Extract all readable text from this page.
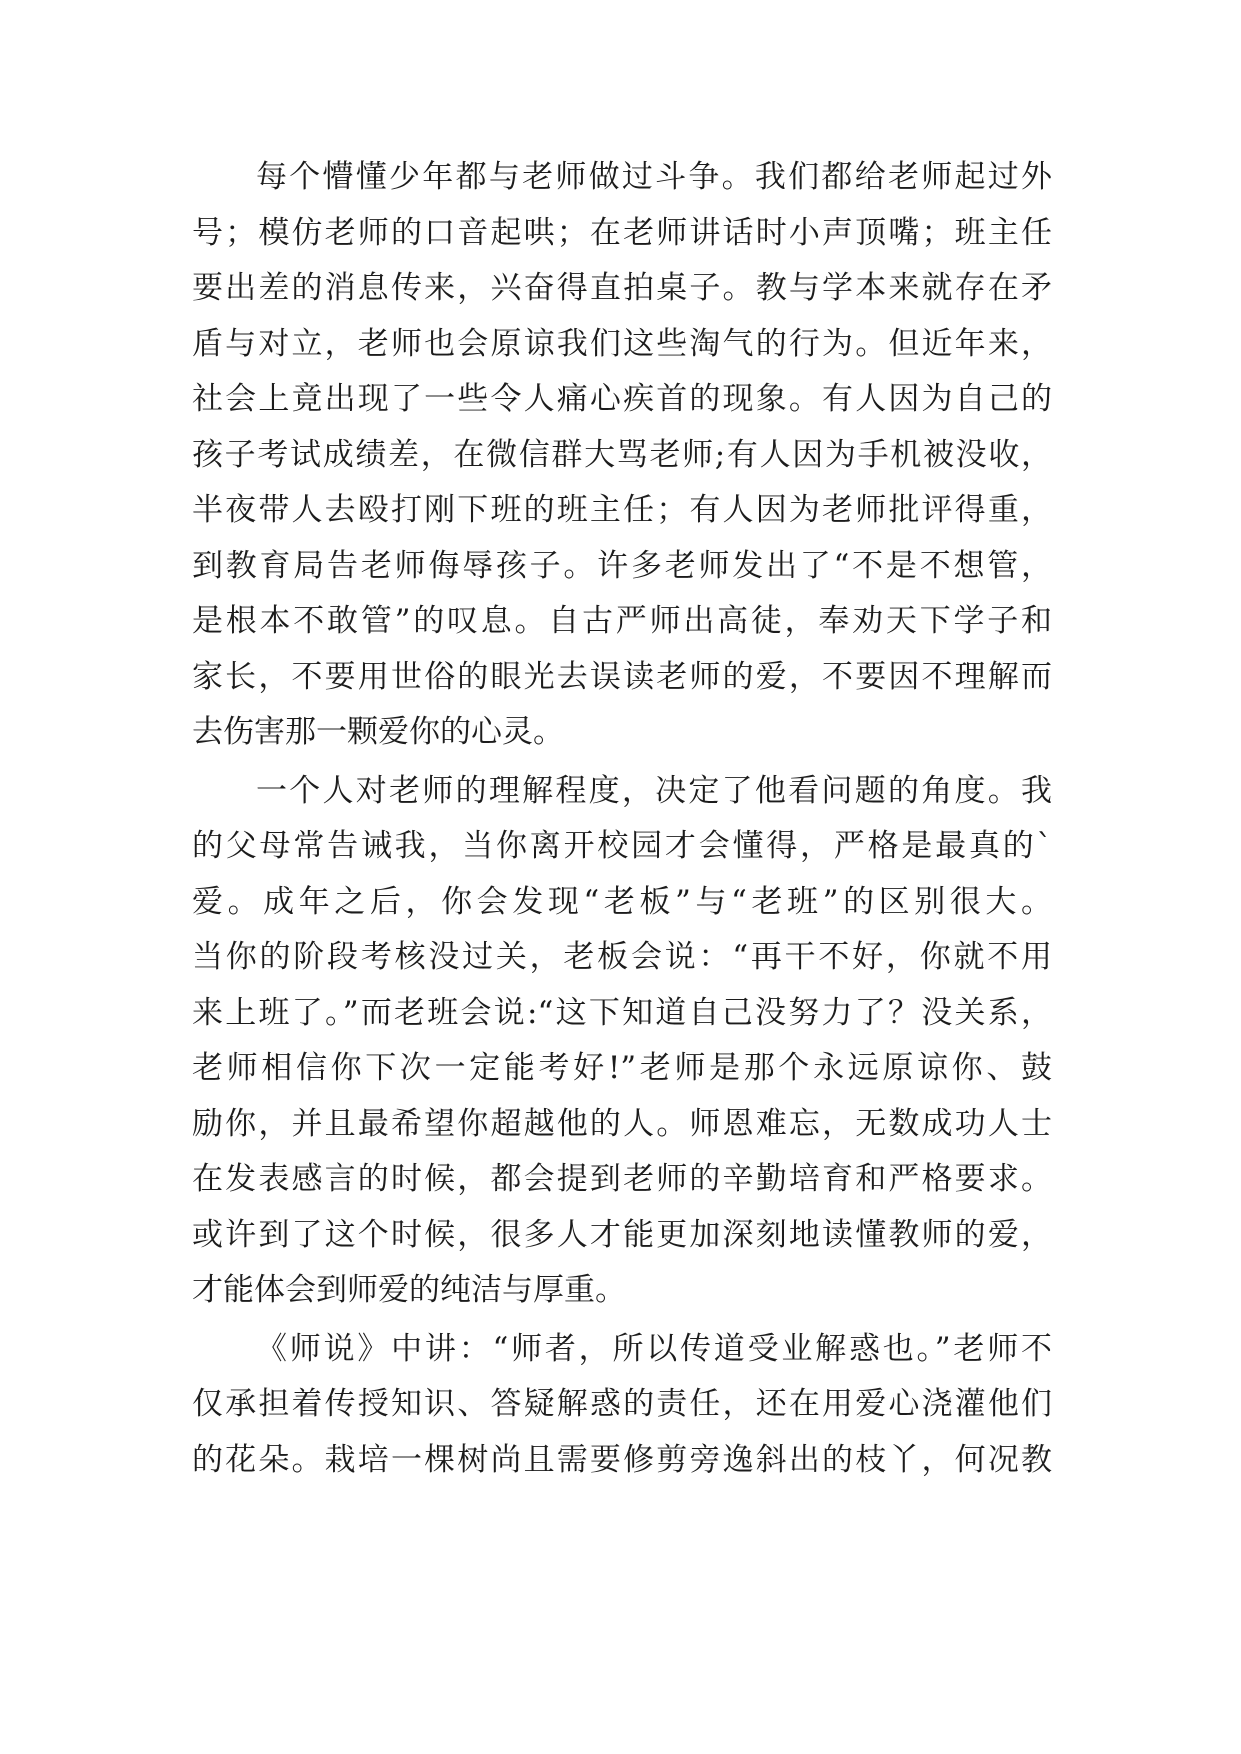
每个懵懂少年都与老师做过斗争。我们都给老师起过外
号；模仿老师的口音起哄；在老师讲话时小声顶嘴；班主任
要出差的消息传来，兴奋得直拍桌子。教与学本来就存在矛
盾与对立，老师也会原谅我们这些淘气的行为。但近年来，
社会上竟出现了一些令人痛心疾首的现象。有人因为自己的
孩子考试成绩差，在微信群大骂老师;有人因为手机被没收，
半夜带人去殴打刚下班的班主任；有人因为老师批评得重，
到教育局告老师侮辱孩子。许多老师发出了“不是不想管，
是根本不敢管”的叹息。自古严师出高徒，奉劝天下学子和
家长，不要用世俗的眼光去误读老师的爱，不要因不理解而
去伤害那一颗爱你的心灵。
一个人对老师的理解程度，决定了他看问题的角度。我
的父母常告诫我，当你离开校园才会懂得，严格是最真的`
爱。成年之后，你会发现“老板”与“老班”的区别很大。
当你的阶段考核没过关，老板会说：“再干不好，你就不用
来上班了。”而老班会说:“这下知道自己没努力了？没关系，
老师相信你下次一定能考好!”老师是那个永远原谅你、鼓
励你，并且最希望你超越他的人。师恩难忘，无数成功人士
在发表感言的时候，都会提到老师的辛勤培育和严格要求。
或许到了这个时候，很多人才能更加深刻地读懂教师的爱，
才能体会到师爱的纯洁与厚重。
《师说》中讲：“师者，所以传道受业解惑也。”老师不
仅承担着传授知识、答疑解惑的责任，还在用爱心浇灌他们
的花朵。栽培一棵树尚且需要修剪旁逸斜出的枝丫，何况教
